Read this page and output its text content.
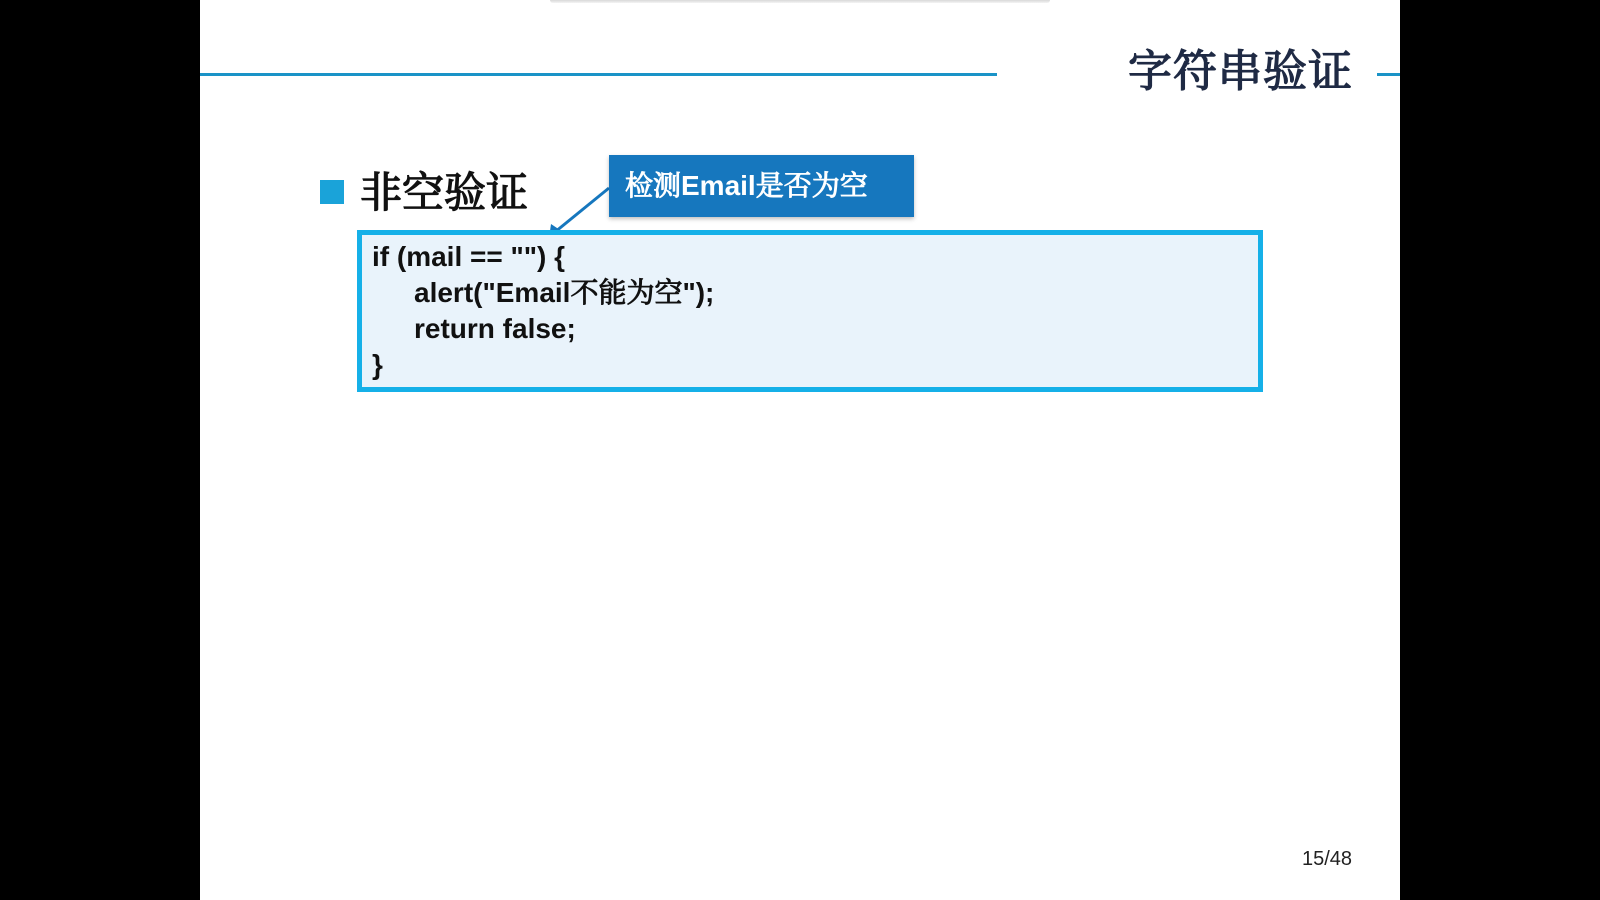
字符串验证
非空验证	检测Email是否为空
if (mail == "") {
alert("Email不能为空");
return false;
}
15/48
